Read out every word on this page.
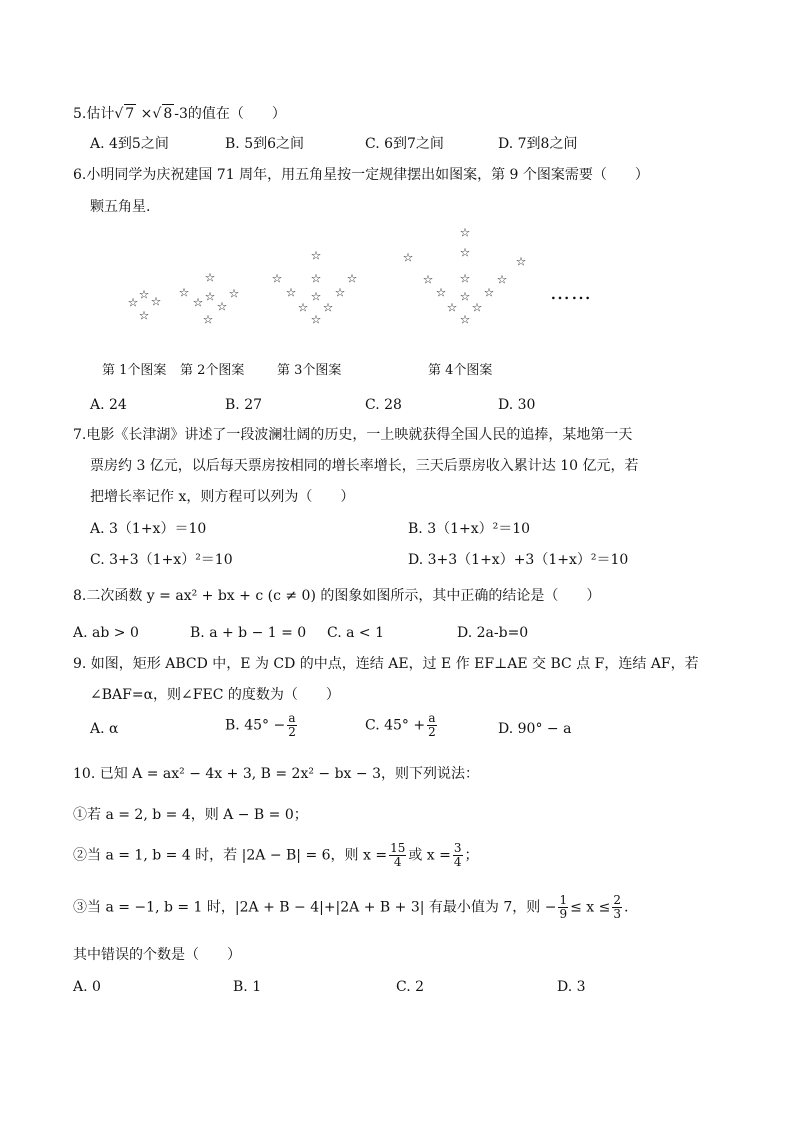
5.估计√ 7 ×√ 8 -3的值在（　　）
A. 4到5之间	B. 5到6之间	C. 6到7之间	D. 7到8之间
6.小明同学为庆祝建国 71 周年，用五角星按一定规律摆出如图案，第 9 个图案需要（　　）
颗五角星.
☆
☆ ☆
☆
☆
☆
☆
☆
☆
☆
☆
☆
☆
☆
☆
☆
☆
☆
☆
☆
☆
☆
☆
☆
☆
☆
☆
☆
☆
☆
☆
☆
☆
☆
……
第 1个图案 第 2个图案	第 3个图案	第 4个图案
A. 24	B. 27	C. 28	D. 30
7.电影《长津湖》讲述了一段波澜壮阔的历史，一上映就获得全国人民的追捧，某地第一天
票房约 3 亿元，以后每天票房按相同的增长率增长，三天后票房收入累计达 10 亿元，若
把增长率记作 x，则方程可以列为（　　）
A. 3（1+x）＝10	B. 3（1+x）²＝10
C. 3+3（1+x）²＝10	D. 3+3（1+x）+3（1+x）²＝10
8.二次函数 y = ax² + bx + c (c ≠ 0) 的图象如图所示，其中正确的结论是（　　）
A. ab > 0	B. a + b − 1 = 0 C. a < 1	D. 2a-b=0
9. 如图，矩形 ABCD 中，E 为 CD 的中点，连结 AE，过 E 作 EF⊥AE 交 BC 点 F，连结 AF，若
∠BAF=α，则∠FEC 的度数为（　　）
A. α	B. $45^\circ - \frac{a}{2}$	C. $45^\circ + \frac{a}{2}$	D. 90° − a
10. 已知 A = ax² − 4x + 3, B = 2x² − bx − 3，则下列说法：
①若 a = 2, b = 4，则 A − B = 0；
②当 a = 1, b = 4 时，若 |2A − B| = 6，则 $x = \frac{15}{4}$ 或 $x = \frac{3}{4}$ ；
③当 a = −1, b = 1 时，|2A + B − 4|+|2A + B + 3| 有最小值为 7，则 − $\frac{1}{9} \le x \le \frac{2}{3}$ .
其中错误的个数是（　　）
A. 0	B. 1	C. 2	D. 3
